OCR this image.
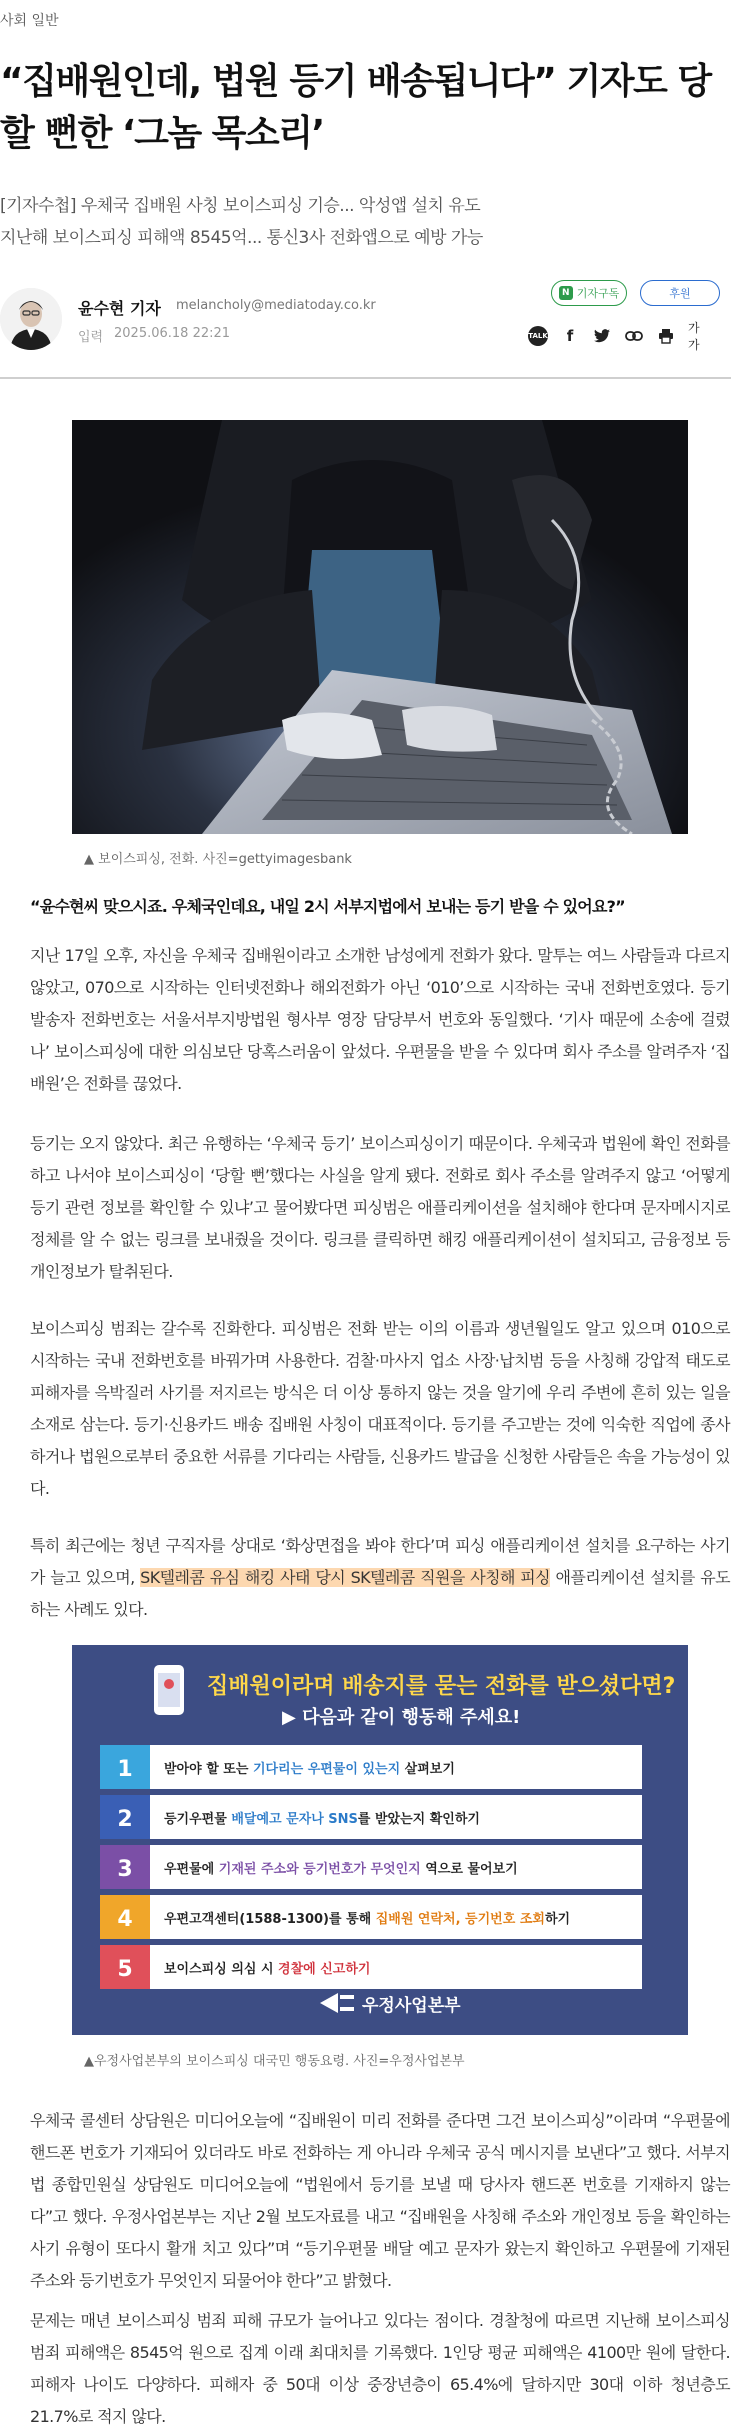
사회 일반
“집배원인데, 법원 등기 배송됩니다” 기자도 당할 뻔한 ‘그놈 목소리’
[기자수첩] 우체국 집배원 사칭 보이스피싱 기승... 악성앱 설치 유도
지난해 보이스피싱 피해액 8545억... 통신3사 전화앱으로 예방 가능
윤수현 기자 melancholy@mediatoday.co.kr
입력 2025.06.18 22:21
N 기자구독	후원
TALK	f	가가
▲ 보이스피싱, 전화. 사진=gettyimagesbank
“윤수현씨 맞으시죠. 우체국인데요, 내일 2시 서부지법에서 보내는 등기 받을 수 있어요?”

지난 17일 오후, 자신을 우체국 집배원이라고 소개한 남성에게 전화가 왔다. 말투는 여느 사람들과 다르지 않았고, 070으로 시작하는 인터넷전화나 해외전화가 아닌 ‘010’으로 시작하는 국내 전화번호였다. 등기 발송자 전화번호는 서울서부지방법원 형사부 영장 담당부서 번호와 동일했다. ‘기사 때문에 소송에 걸렸나’ 보이스피싱에 대한 의심보단 당혹스러움이 앞섰다. 우편물을 받을 수 있다며 회사 주소를 알려주자 ‘집배원’은 전화를 끊었다.

등기는 오지 않았다. 최근 유행하는 ‘우체국 등기’ 보이스피싱이기 때문이다. 우체국과 법원에 확인 전화를 하고 나서야 보이스피싱이 ‘당할 뻔’했다는 사실을 알게 됐다. 전화로 회사 주소를 알려주지 않고 ‘어떻게 등기 관련 정보를 확인할 수 있냐’고 물어봤다면 피싱범은 애플리케이션을 설치해야 한다며 문자메시지로 정체를 알 수 없는 링크를 보내줬을 것이다. 링크를 클릭하면 해킹 애플리케이션이 설치되고, 금융정보 등 개인정보가 탈취된다.

보이스피싱 범죄는 갈수록 진화한다. 피싱범은 전화 받는 이의 이름과 생년월일도 알고 있으며 010으로 시작하는 국내 전화번호를 바꿔가며 사용한다. 검찰·마사지 업소 사장·납치범 등을 사칭해 강압적 태도로 피해자를 윽박질러 사기를 저지르는 방식은 더 이상 통하지 않는 것을 알기에 우리 주변에 흔히 있는 일을 소재로 삼는다. 등기·신용카드 배송 집배원 사칭이 대표적이다. 등기를 주고받는 것에 익숙한 직업에 종사하거나 법원으로부터 중요한 서류를 기다리는 사람들, 신용카드 발급을 신청한 사람들은 속을 가능성이 있다.

특히 최근에는 청년 구직자를 상대로 ‘화상면접을 봐야 한다’며 피싱 애플리케이션 설치를 요구하는 사기가 늘고 있으며, SK텔레콤 유심 해킹 사태 당시 SK텔레콤 직원을 사칭해 피싱 애플리케이션 설치를 유도하는 사례도 있다.

집배원이라며 배송지를 묻는 전화를 받으셨다면?
▶ 다음과 같이 행동해 주세요!
1 받아야 할 또는 기다리는 우편물이 있는지 살펴보기
2 등기우편물 배달예고 문자나 SNS를 받았는지 확인하기
3 우편물에 기재된 주소와 등기번호가 무엇인지 역으로 물어보기
4 우편고객센터(1588-1300)를 통해 집배원 연락처, 등기번호 조회하기
5 보이스피싱 의심 시 경찰에 신고하기
우정사업본부
▲우정사업본부의 보이스피싱 대국민 행동요령. 사진=우정사업본부

우체국 콜센터 상담원은 미디어오늘에 “집배원이 미리 전화를 준다면 그건 보이스피싱”이라며 “우편물에 핸드폰 번호가 기재되어 있더라도 바로 전화하는 게 아니라 우체국 공식 메시지를 보낸다”고 했다. 서부지법 종합민원실 상담원도 미디어오늘에 “법원에서 등기를 보낼 때 당사자 핸드폰 번호를 기재하지 않는다”고 했다. 우정사업본부는 지난 2월 보도자료를 내고 “집배원을 사칭해 주소와 개인정보 등을 확인하는 사기 유형이 또다시 활개 치고 있다”며 “등기우편물 배달 예고 문자가 왔는지 확인하고 우편물에 기재된 주소와 등기번호가 무엇인지 되물어야 한다”고 밝혔다.

문제는 매년 보이스피싱 범죄 피해 규모가 늘어나고 있다는 점이다. 경찰청에 따르면 지난해 보이스피싱 범죄 피해액은 8545억 원으로 집계 이래 최대치를 기록했다. 1인당 평균 피해액은 4100만 원에 달한다. 피해자 나이도 다양하다. 피해자 중 50대 이상 중장년층이 65.4%에 달하지만 30대 이하 청년층도 21.7%로 적지 않다.
